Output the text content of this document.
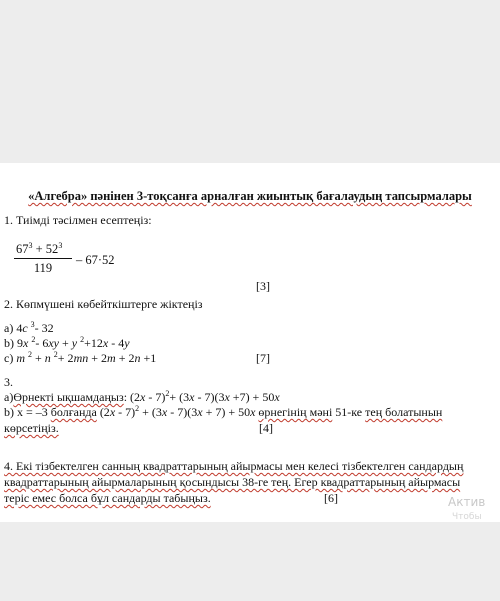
«Алгебра» пәнінен 3-тоқсанға арналған жиынтық бағалаудың тапсырмалары
1. Тиімді тәсілмен есептеңіз:
$67^3 + 52^3$
119
– 67·52
[3]
2. Көпмүшені көбейткіштерге жіктеңіз
a) 4c $^3$- 32
b) 9x $^2$- 6xy + y $^2$+12x - 4y
c) m $^2$ + n $^2$+ 2mn + 2m + 2n +1	[7]
3.
а)Өрнекті ықшамдаңыз: (2x - 7)$^2$+ (3x - 7)(3x +7) + 50x
b) x = –3 болғанда (2x - 7)$^2$ + (3x - 7)(3x + 7) + 50x өрнегінің мәні 51-ке тең болатынын
көрсетіңіз.	[4]
4. Екі тізбектелген санның квадраттарының айырмасы мен келесі тізбектелген сандардың
квадраттарының айырмаларының қосындысы 38-ге тең. Егер квадраттарының айырмасы
теріс емес болса бұл сандарды табыңыз.	[6]	Актив
Чтобы
